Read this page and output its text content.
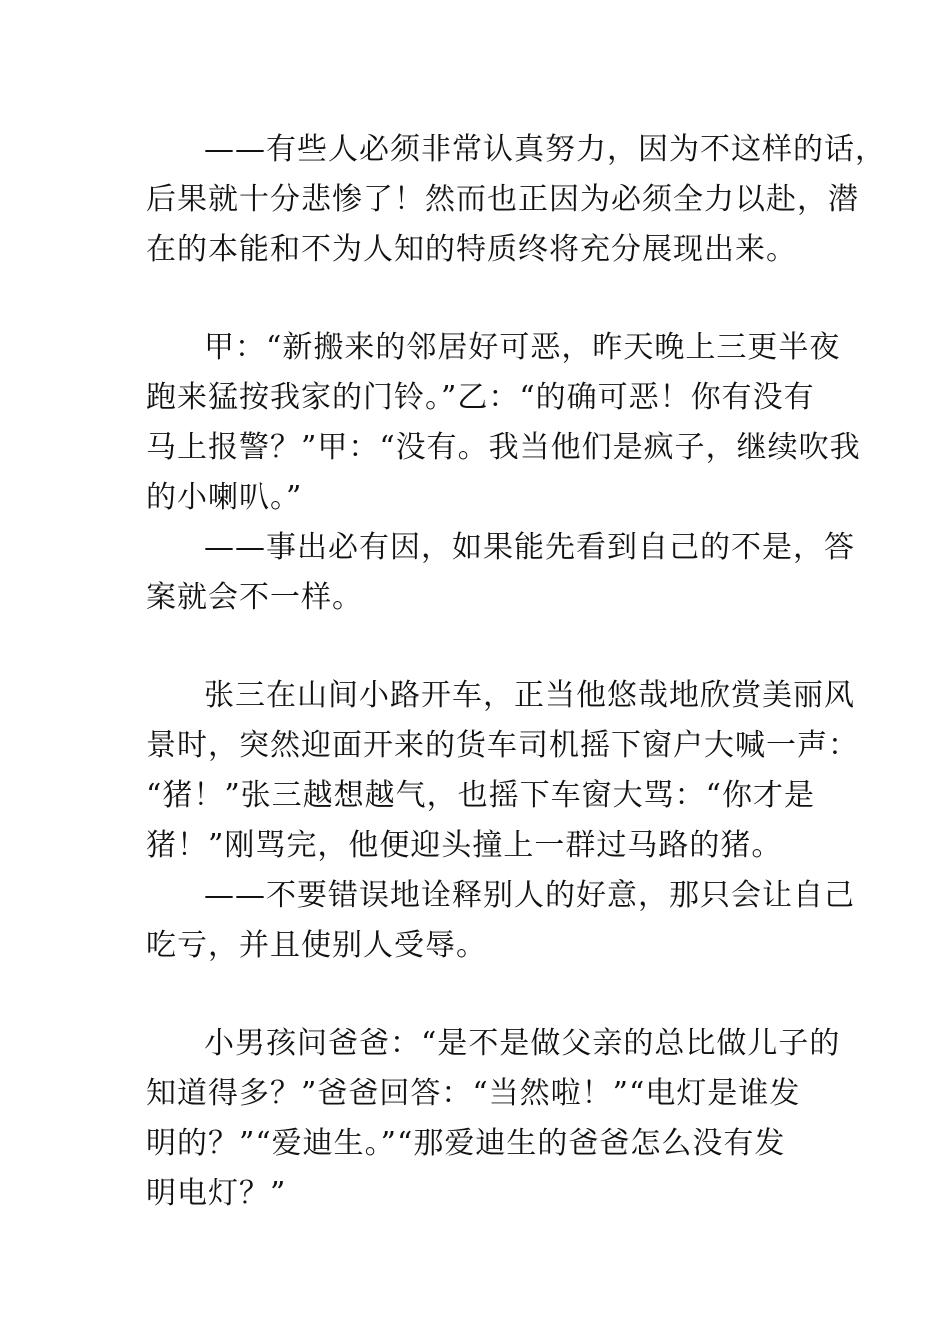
——有些人必须非常认真努力，因为不这样的话，
后果就十分悲惨了！然而也正因为必须全力以赴，潜
在的本能和不为人知的特质终将充分展现出来。
甲：“新搬来的邻居好可恶，昨天晚上三更半夜
跑来猛按我家的门铃。”乙：“的确可恶！你有没有
马上报警？”甲：“没有。我当他们是疯子，继续吹我
的小喇叭。”
——事出必有因，如果能先看到自己的不是，答
案就会不一样。
张三在山间小路开车，正当他悠哉地欣赏美丽风
景时，突然迎面开来的货车司机摇下窗户大喊一声：
“猪！”张三越想越气，也摇下车窗大骂：“你才是
猪！”刚骂完，他便迎头撞上一群过马路的猪。
——不要错误地诠释别人的好意，那只会让自己
吃亏，并且使别人受辱。
小男孩问爸爸：“是不是做父亲的总比做儿子的
知道得多？”爸爸回答：“当然啦！”“电灯是谁发
明的？”“爱迪生。”“那爱迪生的爸爸怎么没有发
明电灯？”
